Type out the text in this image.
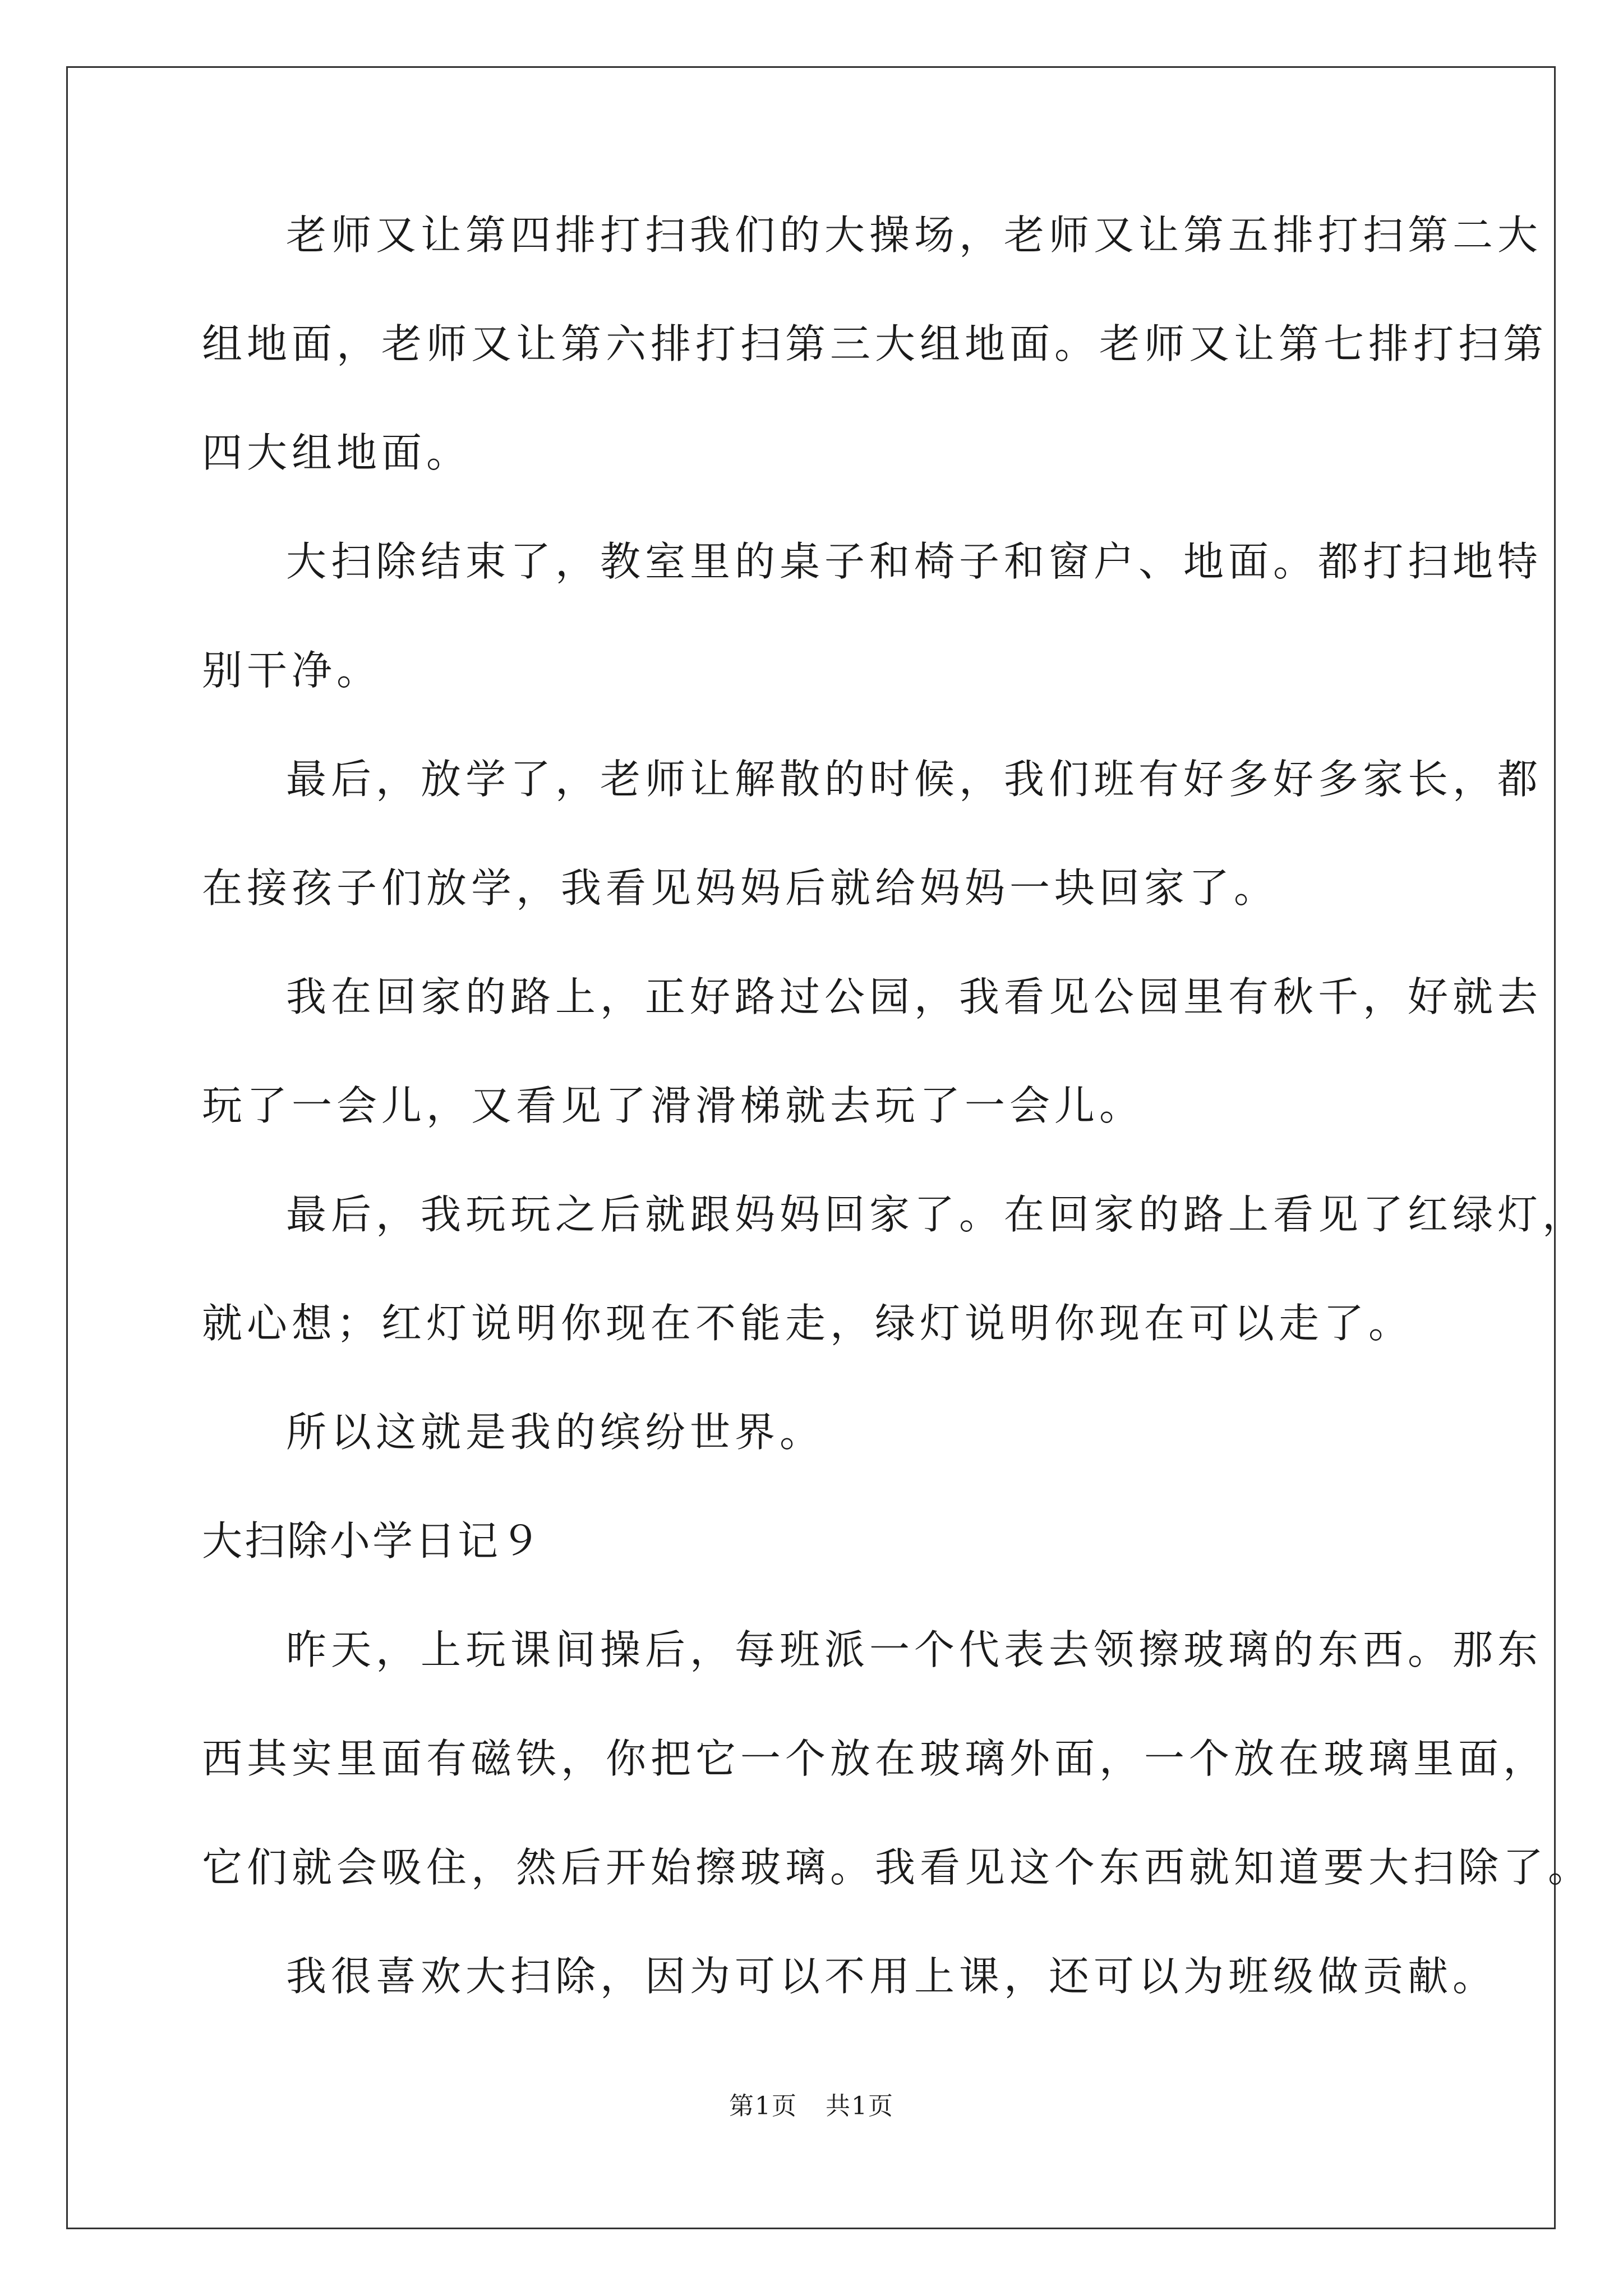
老师又让第四排打扫我们的大操场，老师又让第五排打扫第二大
组地面，老师又让第六排打扫第三大组地面。老师又让第七排打扫第
四大组地面。
大扫除结束了，教室里的桌子和椅子和窗户、地面。都打扫地特
别干净。
最后，放学了，老师让解散的时候，我们班有好多好多家长，都
在接孩子们放学，我看见妈妈后就给妈妈一块回家了。
我在回家的路上，正好路过公园，我看见公园里有秋千，好就去
玩了一会儿，又看见了滑滑梯就去玩了一会儿。
最后，我玩玩之后就跟妈妈回家了。在回家的路上看见了红绿灯，
就心想；红灯说明你现在不能走，绿灯说明你现在可以走了。
所以这就是我的缤纷世界。
大扫除小学日记９
昨天，上玩课间操后，每班派一个代表去领擦玻璃的东西。那东
西其实里面有磁铁，你把它一个放在玻璃外面，一个放在玻璃里面，
它们就会吸住，然后开始擦玻璃。我看见这个东西就知道要大扫除了。
我很喜欢大扫除，因为可以不用上课，还可以为班级做贡献。
第1页 共1页
